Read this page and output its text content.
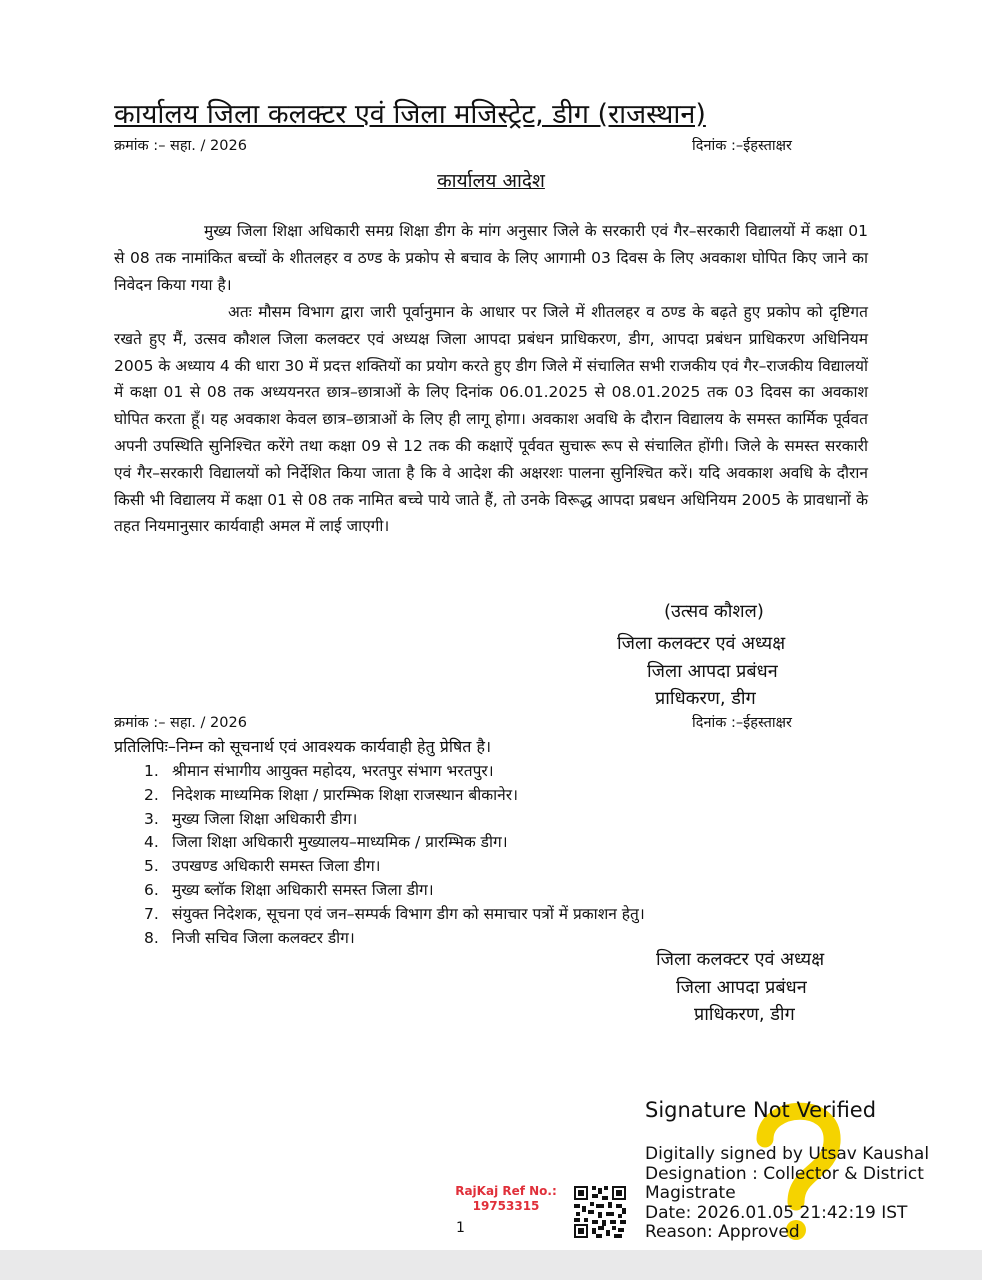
कार्यालय जिला कलक्टर एवं जिला मजिस्ट्रेट, डीग (राजस्थान)
क्रमांक :– सहा. / 2026	दिनांक :–ईहस्ताक्षर
कार्यालय आदेश
मुख्य जिला शिक्षा अधिकारी समग्र शिक्षा डीग के मांग अनुसार जिले के सरकारी एवं गैर–सरकारी विद्यालयों में कक्षा 01 से 08 तक नामांकित बच्चों के शीतलहर व ठण्ड के प्रकोप से बचाव के लिए आगामी 03 दिवस के लिए अवकाश घोपित किए जाने का निवेदन किया गया है।
अतः मौसम विभाग द्वारा जारी पूर्वानुमान के आधार पर जिले में शीतलहर व ठण्ड के बढ़ते हुए प्रकोप को दृष्टिगत रखते हुए मैं, उत्सव कौशल जिला कलक्टर एवं अध्यक्ष जिला आपदा प्रबंधन प्राधिकरण, डीग, आपदा प्रबंधन प्राधिकरण अधिनियम 2005 के अध्याय 4 की धारा 30 में प्रदत्त शक्तियों का प्रयोग करते हुए डीग जिले में संचालित सभी राजकीय एवं गैर–राजकीय विद्यालयों में कक्षा 01 से 08 तक अध्ययनरत छात्र–छात्राओं के लिए दिनांक 06.01.2025 से 08.01.2025 तक 03 दिवस का अवकाश घोपित करता हूँ। यह अवकाश केवल छात्र–छात्राओं के लिए ही लागू होगा। अवकाश अवधि के दौरान विद्यालय के समस्त कार्मिक पूर्ववत अपनी उपस्थिति सुनिश्चित करेंगे तथा कक्षा 09 से 12 तक की कक्षाऐं पूर्ववत सुचारू रूप से संचालित होंगी। जिले के समस्त सरकारी एवं गैर–सरकारी विद्यालयों को निर्देशित किया जाता है कि वे आदेश की अक्षरशः पालना सुनिश्चित करें। यदि अवकाश अवधि के दौरान किसी भी विद्यालय में कक्षा 01 से 08 तक नामित बच्चे पाये जाते हैं, तो उनके विरूद्ध आपदा प्रबधन अधिनियम 2005 के प्रावधानों के तहत नियमानुसार कार्यवाही अमल में लाई जाएगी।
(उत्सव कौशल)
जिला कलक्टर एवं अध्यक्ष
जिला आपदा प्रबंधन
प्राधिकरण, डीग
क्रमांक :– सहा. / 2026	दिनांक :–ईहस्ताक्षर
प्रतिलिपिः–निम्न को सूचनार्थ एवं आवश्यक कार्यवाही हेतु प्रेषित है।
1. श्रीमान संभागीय आयुक्त महोदय, भरतपुर संभाग भरतपुर।
2. निदेशक माध्यमिक शिक्षा / प्रारम्भिक शिक्षा राजस्थान बीकानेर।
3. मुख्य जिला शिक्षा अधिकारी डीग।
4. जिला शिक्षा अधिकारी मुख्यालय–माध्यमिक / प्रारम्भिक डीग।
5. उपखण्ड अधिकारी समस्त जिला डीग।
6. मुख्य ब्लॉक शिक्षा अधिकारी समस्त जिला डीग।
7. संयुक्त निदेशक, सूचना एवं जन–सम्पर्क विभाग डीग को समाचार पत्रों में प्रकाशन हेतु।
8. निजी सचिव जिला कलक्टर डीग।
जिला कलक्टर एवं अध्यक्ष
जिला आपदा प्रबंधन
प्राधिकरण, डीग
Signature Not Verified
Digitally signed by Utsav Kaushal
Designation : Collector & District
Magistrate
Date: 2026.01.05 21:42:19 IST
Reason: Approved
RajKaj Ref No.:
19753315
1
